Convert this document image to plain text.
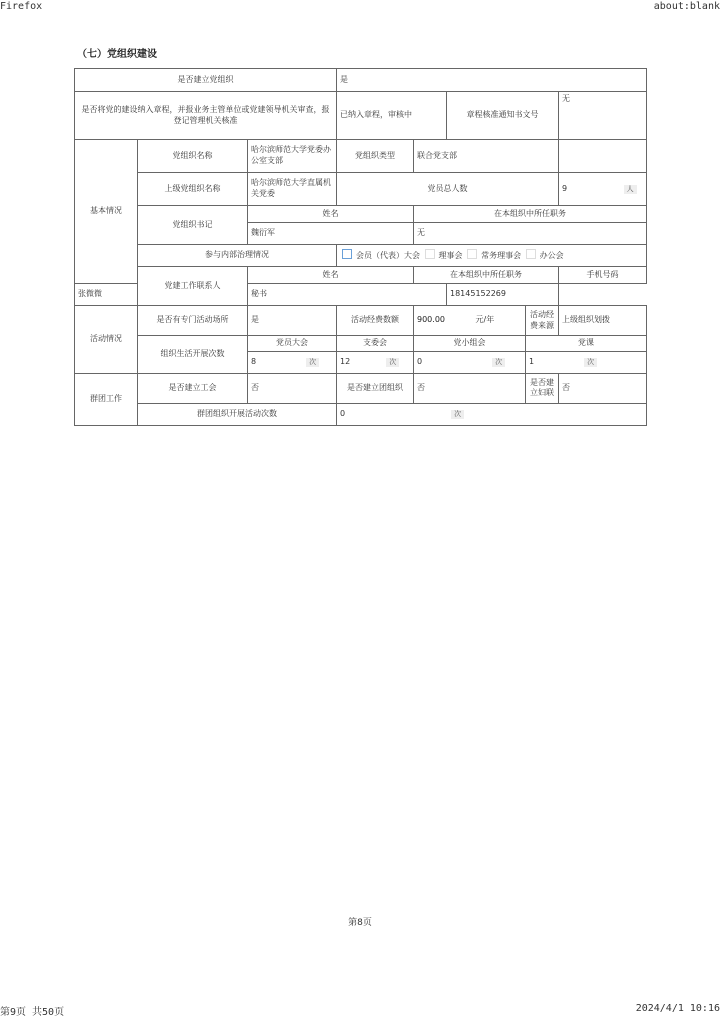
Firefox	about:blank
（七）党组织建设
是否建立党组织			是				
是否将党的建设纳入章程，并报业务主管单位或党建领导机关审查，报登记管理机关核准			已纳入章程，审核中		章程核准通知书文号		无
基本情况	党组织名称	哈尔滨师范大学党委办公室支部	党组织类型	联合党支部			
	上级党组织名称	哈尔滨师范大学直属机关党委	党员总人数				9 人
	党组织书记	姓名		在本组织中所任职务			
		魏衍军		无			
	参与内部治理情况		会员（代表）大会 理事会 常务理事会 办公会				
	党建工作联系人	姓名		在本组织中所任职务			手机号码
张微微		秘书			18145152269		
活动情况	是否有专门活动场所	是	活动经费数额	900.00 元/年		活动经费来源	上级组织划拨
	组织生活开展次数	党员大会	支委会	党小组会		党课	
		8 次	12 次	0 次		1 次	
群团工作	是否建立工会	否	是否建立团组织	否		是否建立妇联	否
	群团组织开展活动次数		0 次				
第8页
第9页 共50页	2024/4/1 10:16
